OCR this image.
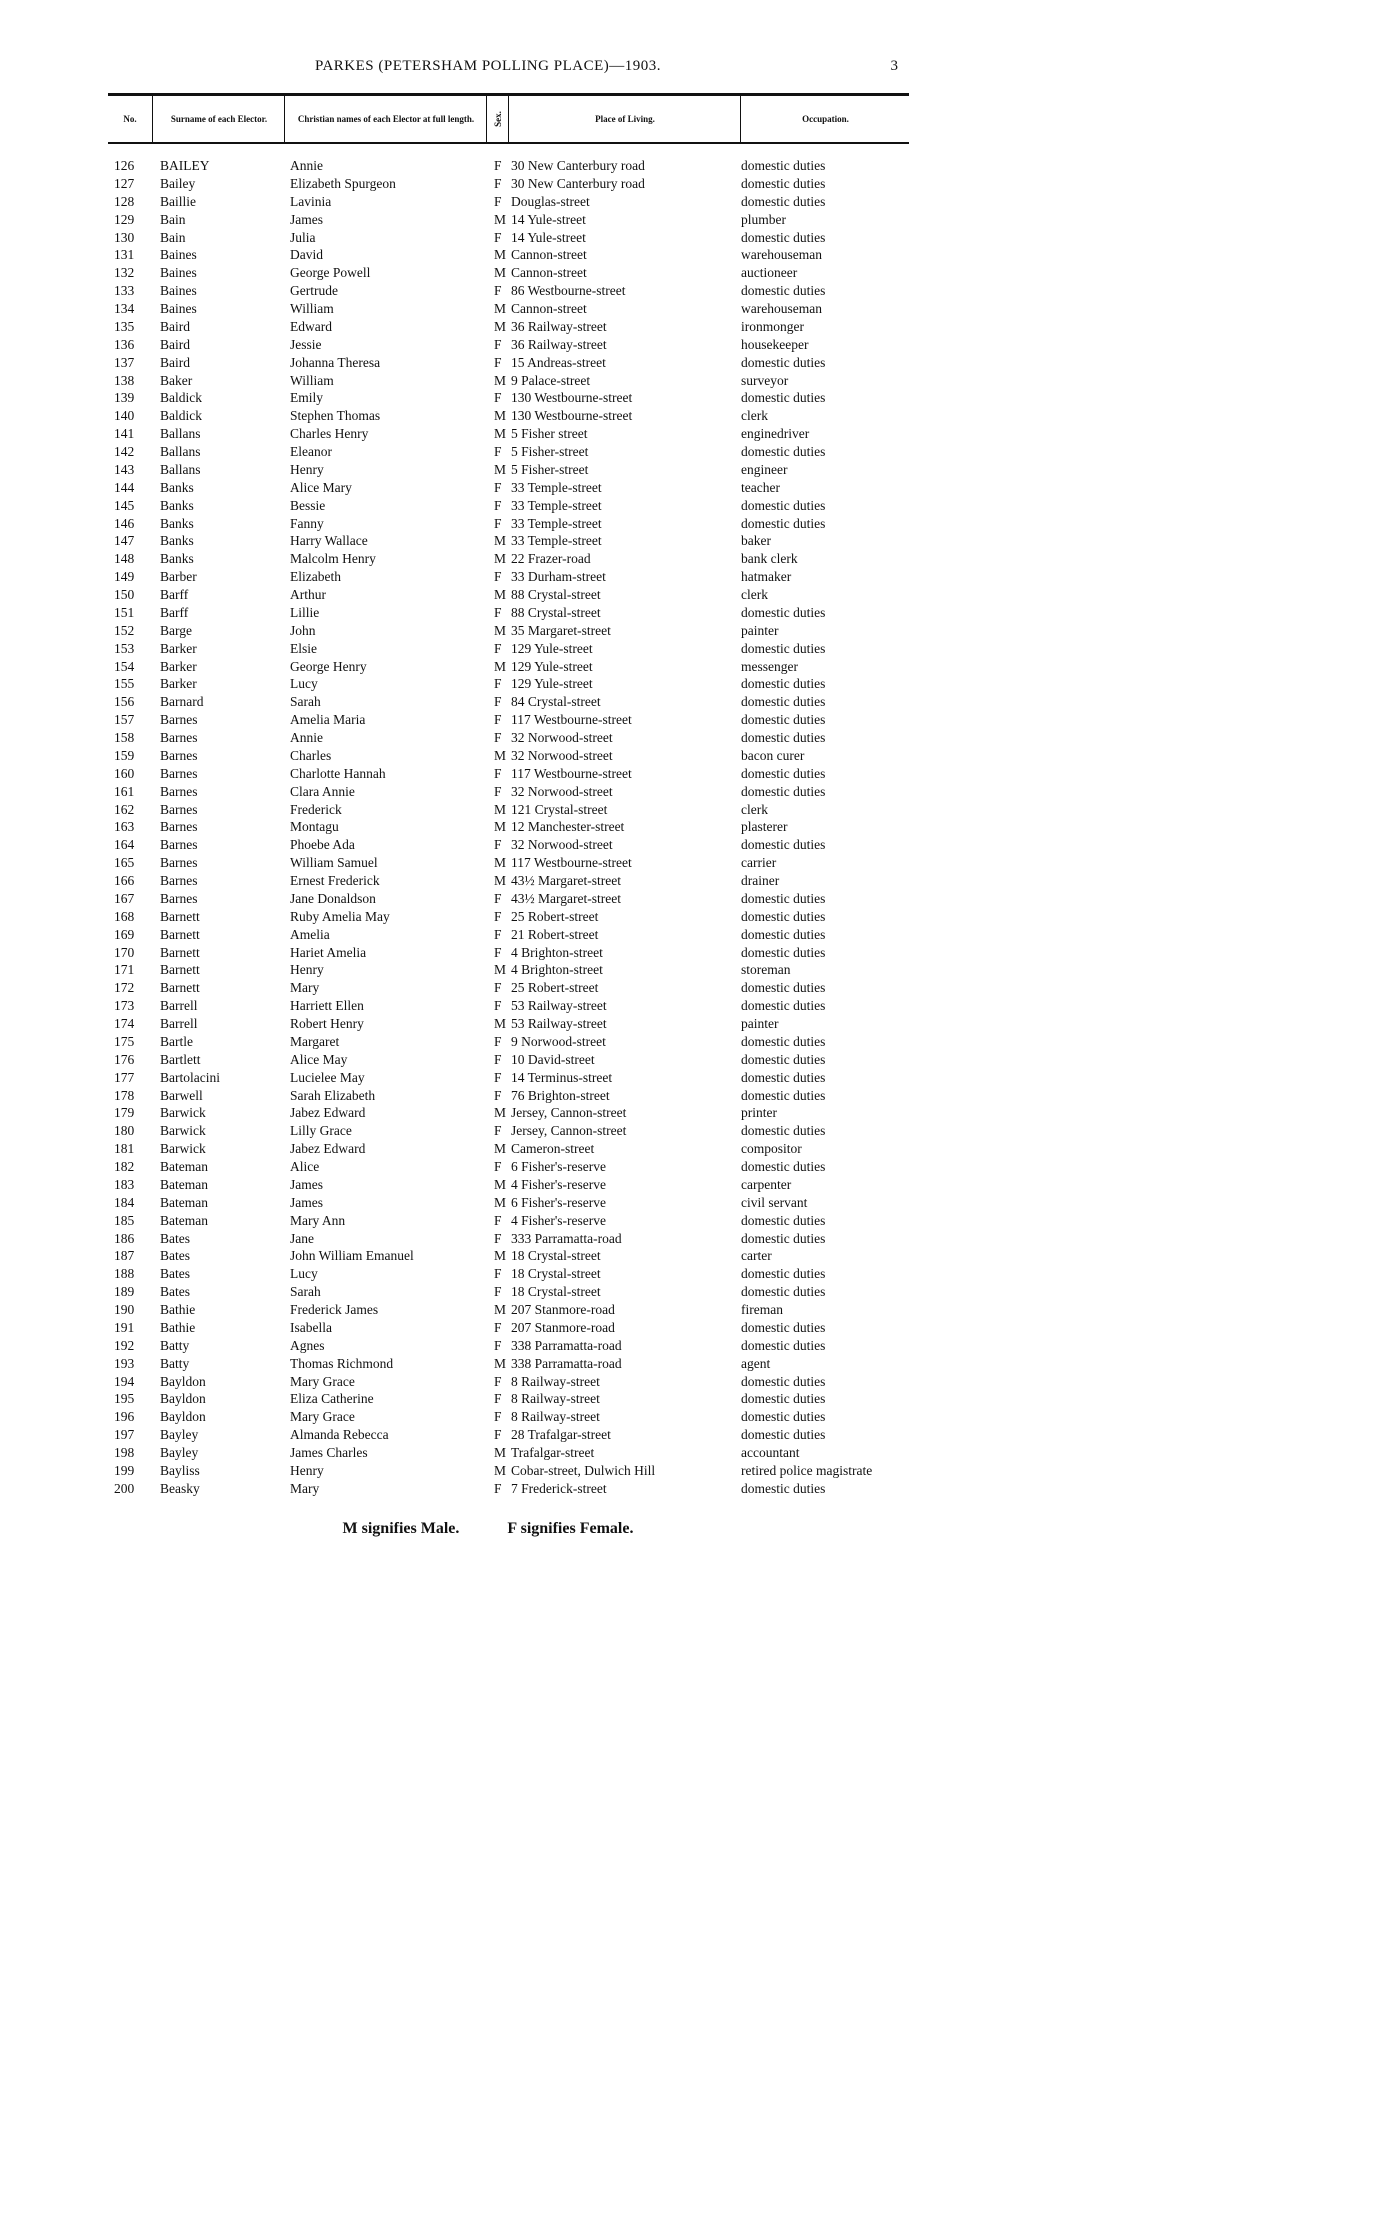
PARKES (PETERSHAM POLLING PLACE)—1903.	3
No.	Surname of each Elector.	Christian names of each Elector at full length.	Sex.	Place of Living.	Occupation.
126	BAILEY	Annie	F 30 New Canterbury road	domestic duties
127	Bailey	Elizabeth Spurgeon	F 30 New Canterbury road	domestic duties
128	Baillie	Lavinia	F Douglas-street	domestic duties
129	Bain	James	M 14 Yule-street	plumber
130	Bain	Julia	F 14 Yule-street	domestic duties
131	Baines	David	M Cannon-street	warehouseman
132	Baines	George Powell	M Cannon-street	auctioneer
133	Baines	Gertrude	F 86 Westbourne-street	domestic duties
134	Baines	William	M Cannon-street	warehouseman
135	Baird	Edward	M 36 Railway-street	ironmonger
136	Baird	Jessie	F 36 Railway-street	housekeeper
137	Baird	Johanna Theresa	F 15 Andreas-street	domestic duties
138	Baker	William	M 9 Palace-street	surveyor
139	Baldick	Emily	F 130 Westbourne-street	domestic duties
140	Baldick	Stephen Thomas	M 130 Westbourne-street	clerk
141	Ballans	Charles Henry	M 5 Fisher street	enginedriver
142	Ballans	Eleanor	F 5 Fisher-street	domestic duties
143	Ballans	Henry	M 5 Fisher-street	engineer
144	Banks	Alice Mary	F 33 Temple-street	teacher
145	Banks	Bessie	F 33 Temple-street	domestic duties
146	Banks	Fanny	F 33 Temple-street	domestic duties
147	Banks	Harry Wallace	M 33 Temple-street	baker
148	Banks	Malcolm Henry	M 22 Frazer-road	bank clerk
149	Barber	Elizabeth	F 33 Durham-street	hatmaker
150	Barff	Arthur	M 88 Crystal-street	clerk
151	Barff	Lillie	F 88 Crystal-street	domestic duties
152	Barge	John	M 35 Margaret-street	painter
153	Barker	Elsie	F 129 Yule-street	domestic duties
154	Barker	George Henry	M 129 Yule-street	messenger
155	Barker	Lucy	F 129 Yule-street	domestic duties
156	Barnard	Sarah	F 84 Crystal-street	domestic duties
157	Barnes	Amelia Maria	F 117 Westbourne-street	domestic duties
158	Barnes	Annie	F 32 Norwood-street	domestic duties
159	Barnes	Charles	M 32 Norwood-street	bacon curer
160	Barnes	Charlotte Hannah	F 117 Westbourne-street	domestic duties
161	Barnes	Clara Annie	F 32 Norwood-street	domestic duties
162	Barnes	Frederick	M 121 Crystal-street	clerk
163	Barnes	Montagu	M 12 Manchester-street	plasterer
164	Barnes	Phoebe Ada	F 32 Norwood-street	domestic duties
165	Barnes	William Samuel	M 117 Westbourne-street	carrier
166	Barnes	Ernest Frederick	M 43½ Margaret-street	drainer
167	Barnes	Jane Donaldson	F 43½ Margaret-street	domestic duties
168	Barnett	Ruby Amelia May	F 25 Robert-street	domestic duties
169	Barnett	Amelia	F 21 Robert-street	domestic duties
170	Barnett	Hariet Amelia	F 4 Brighton-street	domestic duties
171	Barnett	Henry	M 4 Brighton-street	storeman
172	Barnett	Mary	F 25 Robert-street	domestic duties
173	Barrell	Harriett Ellen	F 53 Railway-street	domestic duties
174	Barrell	Robert Henry	M 53 Railway-street	painter
175	Bartle	Margaret	F 9 Norwood-street	domestic duties
176	Bartlett	Alice May	F 10 David-street	domestic duties
177	Bartolacini	Lucielee May	F 14 Terminus-street	domestic duties
178	Barwell	Sarah Elizabeth	F 76 Brighton-street	domestic duties
179	Barwick	Jabez Edward	M Jersey, Cannon-street	printer
180	Barwick	Lilly Grace	F Jersey, Cannon-street	domestic duties
181	Barwick	Jabez Edward	M Cameron-street	compositor
182	Bateman	Alice	F 6 Fisher's-reserve	domestic duties
183	Bateman	James	M 4 Fisher's-reserve	carpenter
184	Bateman	James	M 6 Fisher's-reserve	civil servant
185	Bateman	Mary Ann	F 4 Fisher's-reserve	domestic duties
186	Bates	Jane	F 333 Parramatta-road	domestic duties
187	Bates	John William Emanuel	M 18 Crystal-street	carter
188	Bates	Lucy	F 18 Crystal-street	domestic duties
189	Bates	Sarah	F 18 Crystal-street	domestic duties
190	Bathie	Frederick James	M 207 Stanmore-road	fireman
191	Bathie	Isabella	F 207 Stanmore-road	domestic duties
192	Batty	Agnes	F 338 Parramatta-road	domestic duties
193	Batty	Thomas Richmond	M 338 Parramatta-road	agent
194	Bayldon	Mary Grace	F 8 Railway-street	domestic duties
195	Bayldon	Eliza Catherine	F 8 Railway-street	domestic duties
196	Bayldon	Mary Grace	F 8 Railway-street	domestic duties
197	Bayley	Almanda Rebecca	F 28 Trafalgar-street	domestic duties
198	Bayley	James Charles	M Trafalgar-street	accountant
199	Bayliss	Henry	M Cobar-street, Dulwich Hill	retired police magistrate
200	Beasky	Mary	F 7 Frederick-street	domestic duties
M signifies Male.	F signifies Female.
